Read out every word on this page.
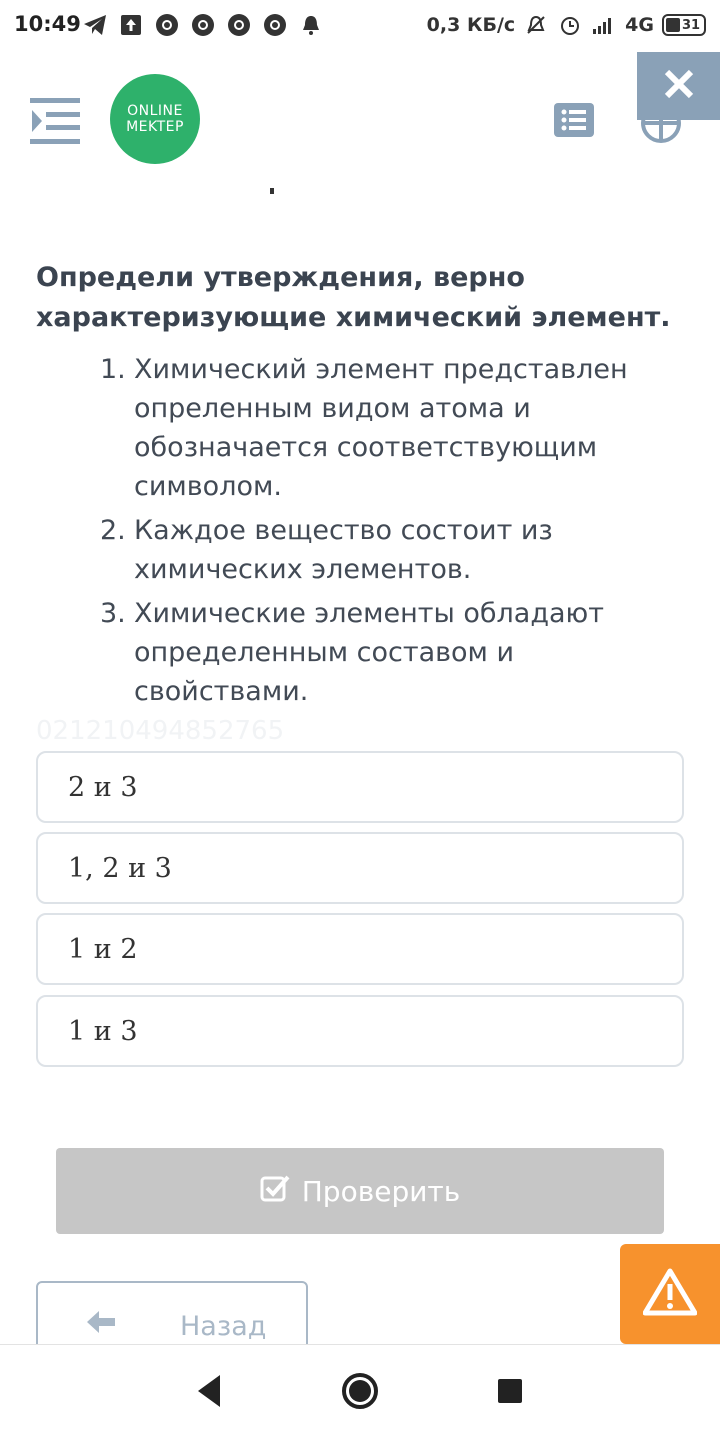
10:49	0,3 КБ/с	4G	31
ONLINE
MEKTEP
Определи утверждения, верно характеризующие химический элемент.
1. Химический элемент представлен опреленным видом атома и обозначается соответствующим символом.
2. Каждое вещество состоит из химических элементов.
3. Химические элементы обладают определенным составом и свойствами.
021210494852765
2 и 3
1, 2 и 3
1 и 2
1 и 3
Проверить
Назад
